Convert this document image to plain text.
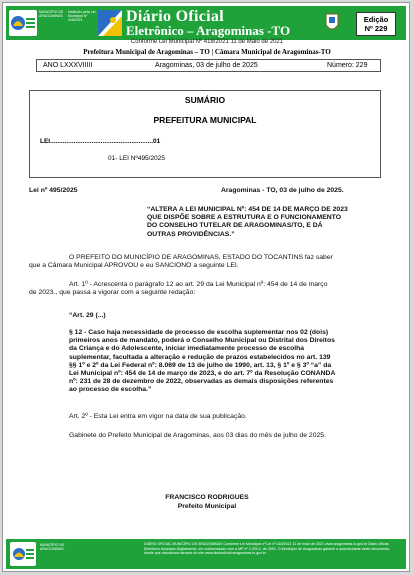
MUNICÍPIO DE ARAGOMINAS
Instituído pela Lei Municipal Nº 418/2021	Diário Oficial
Eletrônico – Aragominas -TO
Edição
Nº 229
Conforme Lei Municipal Nº 418/2021 11 de Maio de 2021
Prefeitura Municipal de Aragominas – TO | Câmara Municipal de Aragominas-TO
ANO LXXXVIIIII	Aragominas, 03 de julho de 2025	Número: 229
SUMÁRIO
PREFEITURA MUNICIPAL
LEI.........................................................01
01- LEI Nº495/2025
Lei nº 495/2025	Aragominas - TO, 03 de julho de 2025.
“ALTERA A LEI MUNICIPAL Nº: 454 DE 14 DE MARÇO DE 2023
QUE DISPÕE SOBRE A ESTRUTURA E O FUNCIONAMENTO
DO CONSELHO TUTELAR DE ARAGOMINAS/TO, E DÁ
OUTRAS PROVIDÊNCIAS.”
O PREFEITO DO MUNICÍPIO DE ARAGOMINAS, ESTADO DO TOCANTINS faz saber
que a Câmara Municipal APROVOU e eu SANCIONO a seguinte LEI.
Art. 1º - Acrescenta o parágrafo 12 ao art. 29 da Lei Municipal nº: 454 de 14 de março
de 2023., que passa a vigorar com a seguinte redação:
“Art. 29 (...)
§ 12 - Caso haja necessidade de processo de escolha suplementar nos 02 (dois)
primeiros anos de mandato, poderá o Conselho Municipal ou Distrital dos Direitos
da Criança e do Adolescente, iniciar imediatamente processo de escolha
suplementar, facultada a alteração e redução de prazos estabelecidos no art. 139
§§ 1º e 2º da Lei Federal nº: 8.069 de 13 de julho de 1990, art. 13, § 1º e § 3º “a” da
Lei Municipal nº: 454 de 14 de março de 2023, e do art. 7º da Resolução CONANDA
nº: 231 de 28 de dezembro de 2022, observadas as demais disposições referentes
ao processo de escolha.”
Art. 2º - Esta Lei entra em vigor na data de sua publicação.
Gabinete do Prefeito Municipal de Aragominas, aos 03 dias do mês de julho de 2025.
FRANCISCO RODRIGUES
Prefeito Municipal
MUNICÍPIO DE ARAGOMINAS
DIÁRIO OFICIAL MUNICÍPIO DE ARAGOMINAS Conforme Lei Municipal nº Lei nº 418/2021 11 de maio de 2021 www.aragominas.to.gov.br Diário Oficial Eletrônico Assinado Digitalmente, em conformidade com a MP nº 2.200-2, de 2001. O Município de Aragominas garante a autenticidade deste documento, desde que visualizado através do site www.diariooficial.aragominas.to.gov.br
